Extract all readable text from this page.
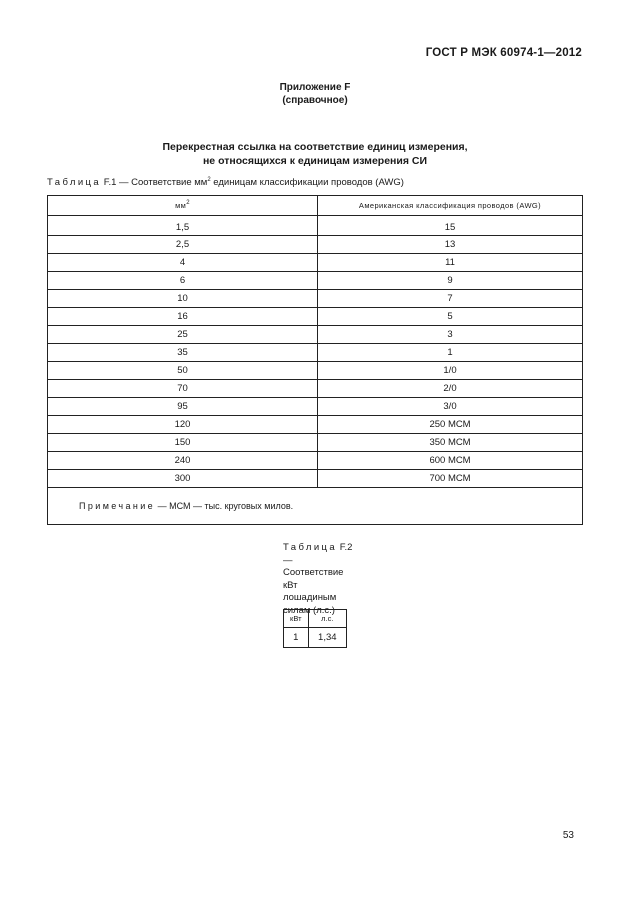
ГОСТ Р МЭК 60974-1—2012
Приложение F
(справочное)
Перекрестная ссылка на соответствие единиц измерения,
не относящихся к единицам измерения СИ
Таблица F.1 — Соответствие $мм^2$ единицам классификации проводов (AWG)
$мм^2$	Американская классификация проводов (AWG)
1,5	15
2,5	13
4	11
6	9
10	7
16	5
25	3
35	1
50	1/0
70	2/0
95	3/0
120	250 МСМ
150	350 МСМ
240	600 МСМ
300	700 МСМ
Примечание — МСМ — тыс. круговых милов.	
Таблица F.2 — Соответствие кВт лошадиным силам (л.с.)
кВт	л.с.
1	1,34
53
